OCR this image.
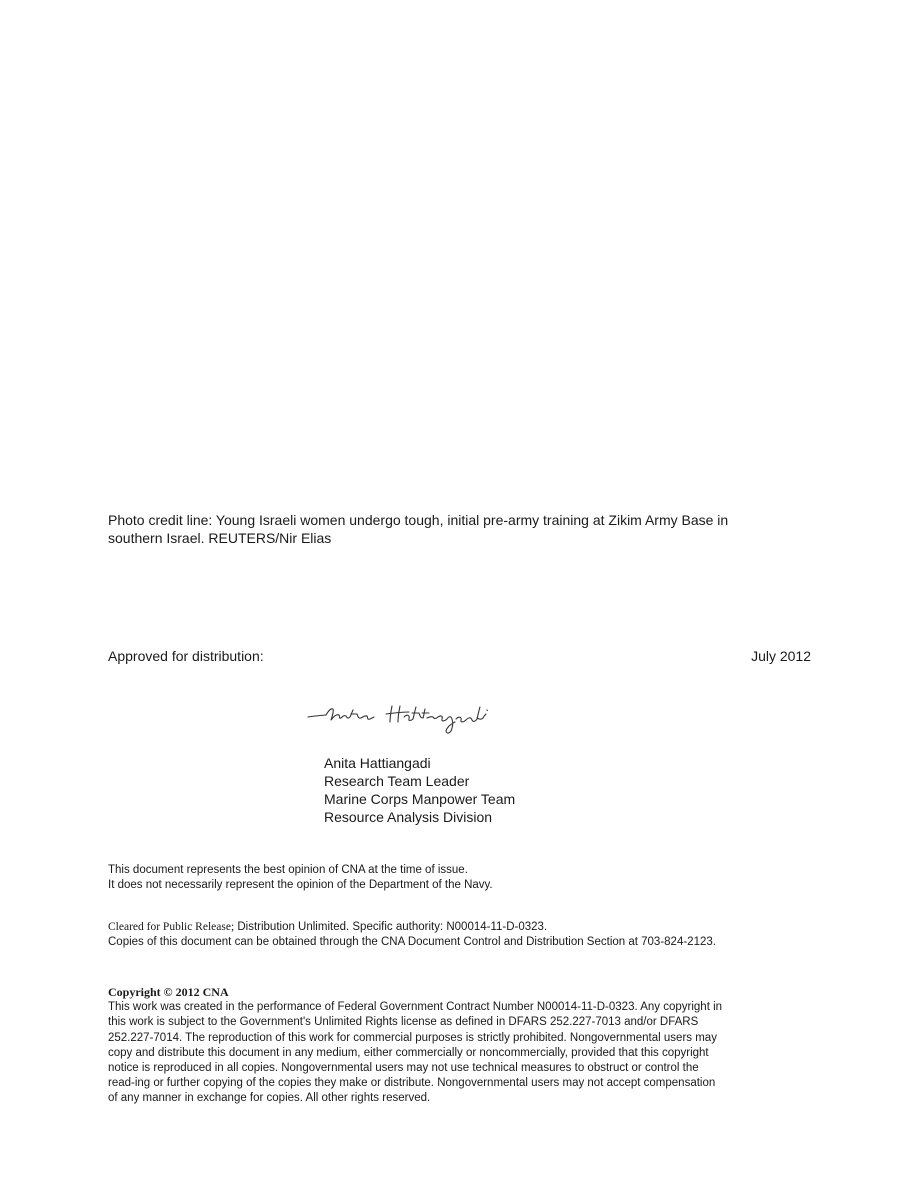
Photo credit line: Young Israeli women undergo tough, initial pre-army training at Zikim Army Base in
southern Israel. REUTERS/Nir Elias
Approved for distribution:	July 2012
Anita Hattiangadi
Research Team Leader
Marine Corps Manpower Team
Resource Analysis Division
This document represents the best opinion of CNA at the time of issue.
It does not necessarily represent the opinion of the Department of the Navy.
Cleared for Public Release; Distribution Unlimited. Specific authority: N00014-11-D-0323.
Copies of this document can be obtained through the CNA Document Control and Distribution Section at 703-824-2123.
Copyright © 2012 CNA
This work was created in the performance of Federal Government Contract Number N00014-11-D-0323. Any copyright in
this work is subject to the Government's Unlimited Rights license as defined in DFARS 252.227-7013 and/or DFARS
252.227-7014. The reproduction of this work for commercial purposes is strictly prohibited. Nongovernmental users may
copy and distribute this document in any medium, either commercially or noncommercially, provided that this copyright
notice is reproduced in all copies. Nongovernmental users may not use technical measures to obstruct or control the
read-ing or further copying of the copies they make or distribute. Nongovernmental users may not accept compensation
of any manner in exchange for copies. All other rights reserved.
